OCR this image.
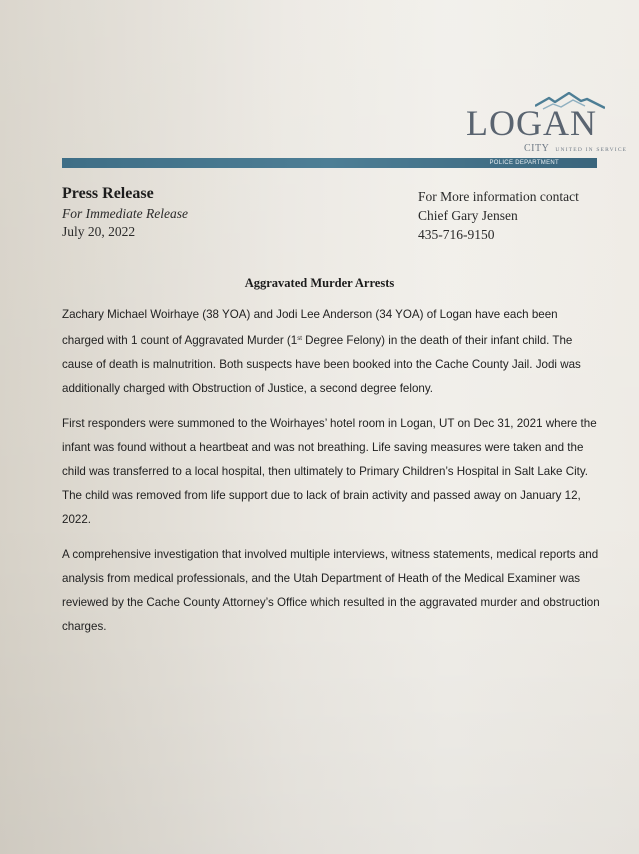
LOGAN
CITY UNITED IN SERVICE
POLICE DEPARTMENT
Press Release
For Immediate Release
July 20, 2022
For More information contact
Chief Gary Jensen
435-716-9150
Aggravated Murder Arrests

Zachary Michael Woirhaye (38 YOA) and Jodi Lee Anderson (34 YOA) of Logan have each been charged with 1 count of Aggravated Murder (1st Degree Felony) in the death of their infant child. The cause of death is malnutrition. Both suspects have been booked into the Cache County Jail. Jodi was additionally charged with Obstruction of Justice, a second degree felony.

First responders were summoned to the Woirhayes’ hotel room in Logan, UT on Dec 31, 2021 where the infant was found without a heartbeat and was not breathing. Life saving measures were taken and the child was transferred to a local hospital, then ultimately to Primary Children’s Hospital in Salt Lake City. The child was removed from life support due to lack of brain activity and passed away on January 12, 2022.

A comprehensive investigation that involved multiple interviews, witness statements, medical reports and analysis from medical professionals, and the Utah Department of Heath of the Medical Examiner was reviewed by the Cache County Attorney’s Office which resulted in the aggravated murder and obstruction charges.
